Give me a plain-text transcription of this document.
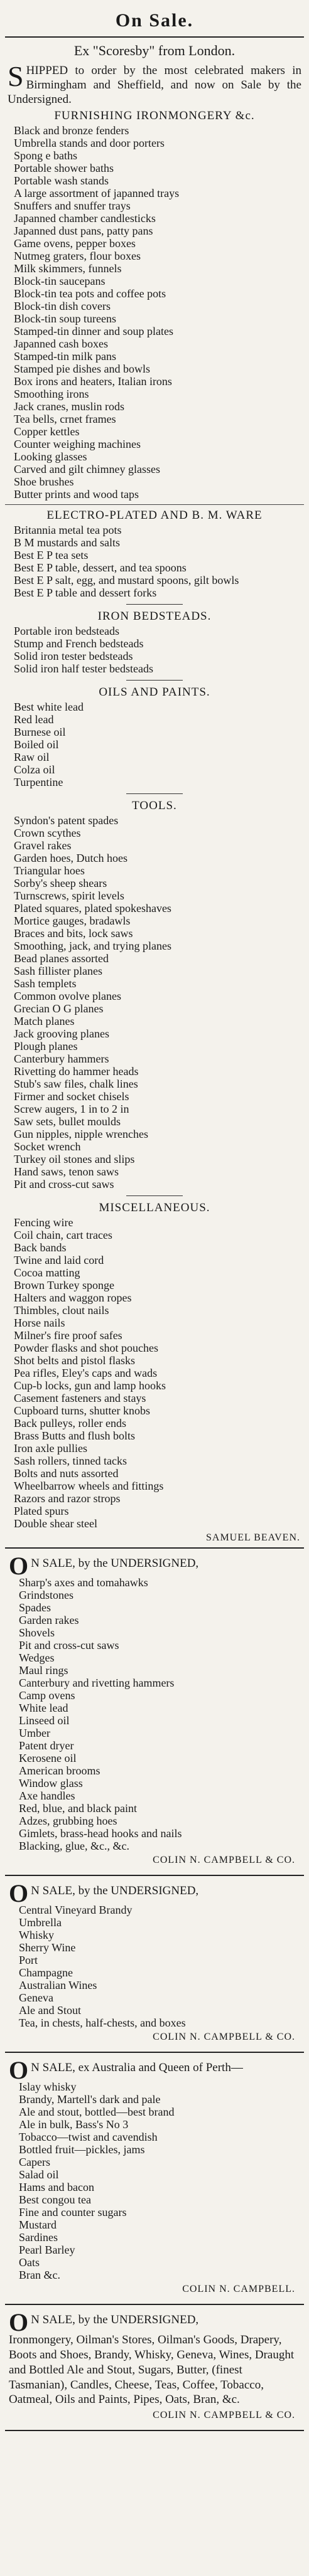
On Sale.
Ex "Scoresby" from London.
SHIPPED to order by the most celebrated makers in Birmingham and Sheffield, and now on Sale by the Undersigned.
FURNISHING IRONMONGERY &c.
Black and bronze fenders
Umbrella stands and door porters
Spong e baths
Portable shower baths
Portable wash stands
A large assortment of japanned trays
Snuffers and snuffer trays
Japanned chamber candlesticks
Japanned dust pans, patty pans
Game ovens, pepper boxes
Nutmeg graters, flour boxes
Milk skimmers, funnels
Block-tin saucepans
Block-tin tea pots and coffee pots
Block-tin dish covers
Block-tin soup tureens
Stamped-tin dinner and soup plates
Japanned cash boxes
Stamped-tin milk pans
Stamped pie dishes and bowls
Box irons and heaters, Italian irons
Smoothing irons
Jack cranes, muslin rods
Tea bells, crnet frames
Copper kettles
Counter weighing machines
Looking glasses
Carved and gilt chimney glasses
Shoe brushes
Butter prints and wood taps
ELECTRO-PLATED AND B. M. WARE
Britannia metal tea pots
B M mustards and salts
Best E P tea sets
Best E P table, dessert, and tea spoons
Best E P salt, egg, and mustard spoons, gilt bowls
Best E P table and dessert forks
IRON BEDSTEADS.
Portable iron bedsteads
Stump and French bedsteads
Solid iron tester bedsteads
Solid iron half tester bedsteads
OILS AND PAINTS.
Best white lead
Red lead
Burnese oil
Boiled oil
Raw oil
Colza oil
Turpentine
TOOLS.
Syndon's patent spades
Crown scythes
Gravel rakes
Garden hoes, Dutch hoes
Triangular hoes
Sorby's sheep shears
Turnscrews, spirit levels
Plated squares, plated spokeshaves
Mortice gauges, bradawls
Braces and bits, lock saws
Smoothing, jack, and trying planes
Bead planes assorted
Sash fillister planes
Sash templets
Common ovolve planes
Grecian O G planes
Match planes
Jack grooving planes
Plough planes
Canterbury hammers
Rivetting do hammer heads
Stub's saw files, chalk lines
Firmer and socket chisels
Screw augers, 1 in to 2 in
Saw sets, bullet moulds
Gun nipples, nipple wrenches
Socket wrench
Turkey oil stones and slips
Hand saws, tenon saws
Pit and cross-cut saws
MISCELLANEOUS.
Fencing wire
Coil chain, cart traces
Back bands
Twine and laid cord
Cocoa matting
Brown Turkey sponge
Halters and waggon ropes
Thimbles, clout nails
Horse nails
Milner's fire proof safes
Powder flasks and shot pouches
Shot belts and pistol flasks
Pea rifles, Eley's caps and wads
Cup-b locks, gun and lamp hooks
Casement fasteners and stays
Cupboard turns, shutter knobs
Back pulleys, roller ends
Brass Butts and flush bolts
Iron axle pullies
Sash rollers, tinned tacks
Bolts and nuts assorted
Wheelbarrow wheels and fittings
Razors and razor strops
Plated spurs
Double shear steel
SAMUEL BEAVEN.
O N SALE, by the UNDERSIGNED,
Sharp's axes and tomahawks
Grindstones
Spades
Garden rakes
Shovels
Pit and cross-cut saws
Wedges
Maul rings
Canterbury and rivetting hammers
Camp ovens
White lead
Linseed oil
Umber
Patent dryer
Kerosene oil
American brooms
Window glass
Axe handles
Red, blue, and black paint
Adzes, grubbing hoes
Gimlets, brass-head hooks and nails
Blacking, glue, &c., &c.
COLIN N. CAMPBELL & CO.
O N SALE, by the UNDERSIGNED,
Central Vineyard Brandy
Umbrella
Whisky
Sherry Wine
Port
Champagne
Australian Wines
Geneva
Ale and Stout
Tea, in chests, half-chests, and boxes
COLIN N. CAMPBELL & CO.
O N SALE, ex Australia and Queen of Perth—
Islay whisky
Brandy, Martell's dark and pale
Ale and stout, bottled—best brand
Ale in bulk, Bass's No 3
Tobacco—twist and cavendish
Bottled fruit—pickles, jams
Capers
Salad oil
Hams and bacon
Best congou tea
Fine and counter sugars
Mustard
Sardines
Pearl Barley
Oats
Bran &c.
COLIN N. CAMPBELL.
O N SALE, by the UNDERSIGNED,
Ironmongery, Oilman's Stores, Oilman's Goods, Drapery, Boots and Shoes, Brandy, Whisky, Geneva, Wines, Draught and Bottled Ale and Stout, Sugars, Butter, (finest Tasmanian), Candles, Cheese, Teas, Coffee, Tobacco, Oatmeal, Oils and Paints, Pipes, Oats, Bran, &c.
COLIN N. CAMPBELL & CO.
